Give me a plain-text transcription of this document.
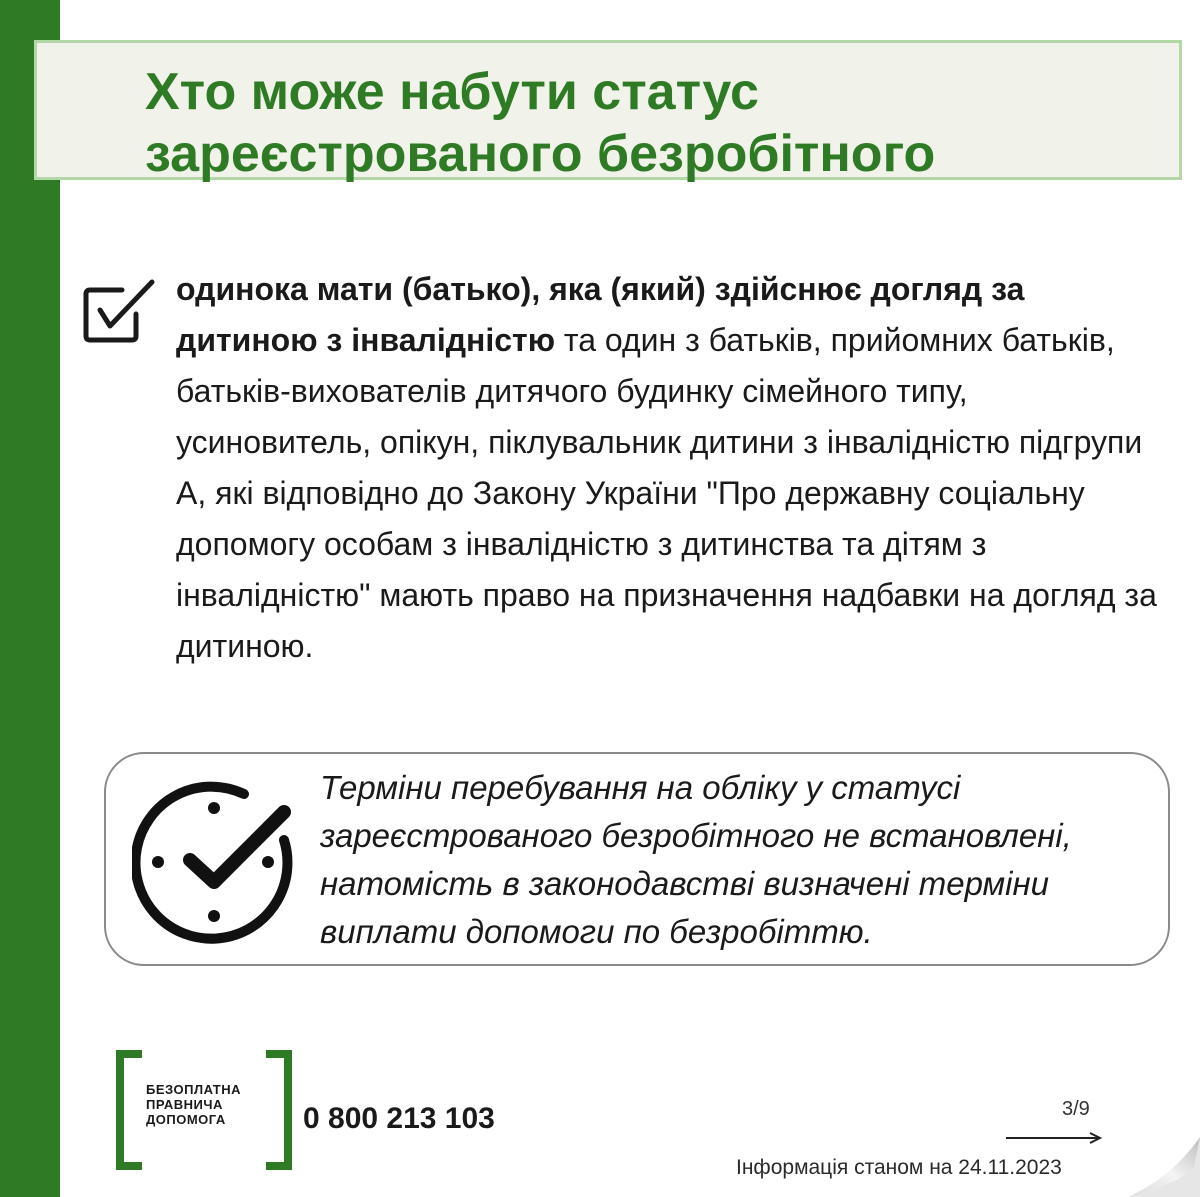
Хто може набути статус
зареєстрованого безробітного

одинока мати (батько), яка (який) здійснює догляд за дитиною з інвалідністю та один з батьків, прийомних батьків, батьків-вихователів дитячого будинку сімейного типу, усиновитель, опікун, піклувальник дитини з інвалідністю підгрупи А, які відповідно до Закону України "Про державну соціальну допомогу особам з інвалідністю з дитинства та дітям з інвалідністю" мають право на призначення надбавки на догляд за дитиною.

Терміни перебування на обліку у статусі
зареєстрованого безробітного не встановлені,
натомість в законодавстві визначені терміни
виплати допомоги по безробіттю.
БЕЗОПЛАТНА
ПРАВНИЧА
ДОПОМОГА	0 800 213 103	3/9
Інформація станом на 24.11.2023
